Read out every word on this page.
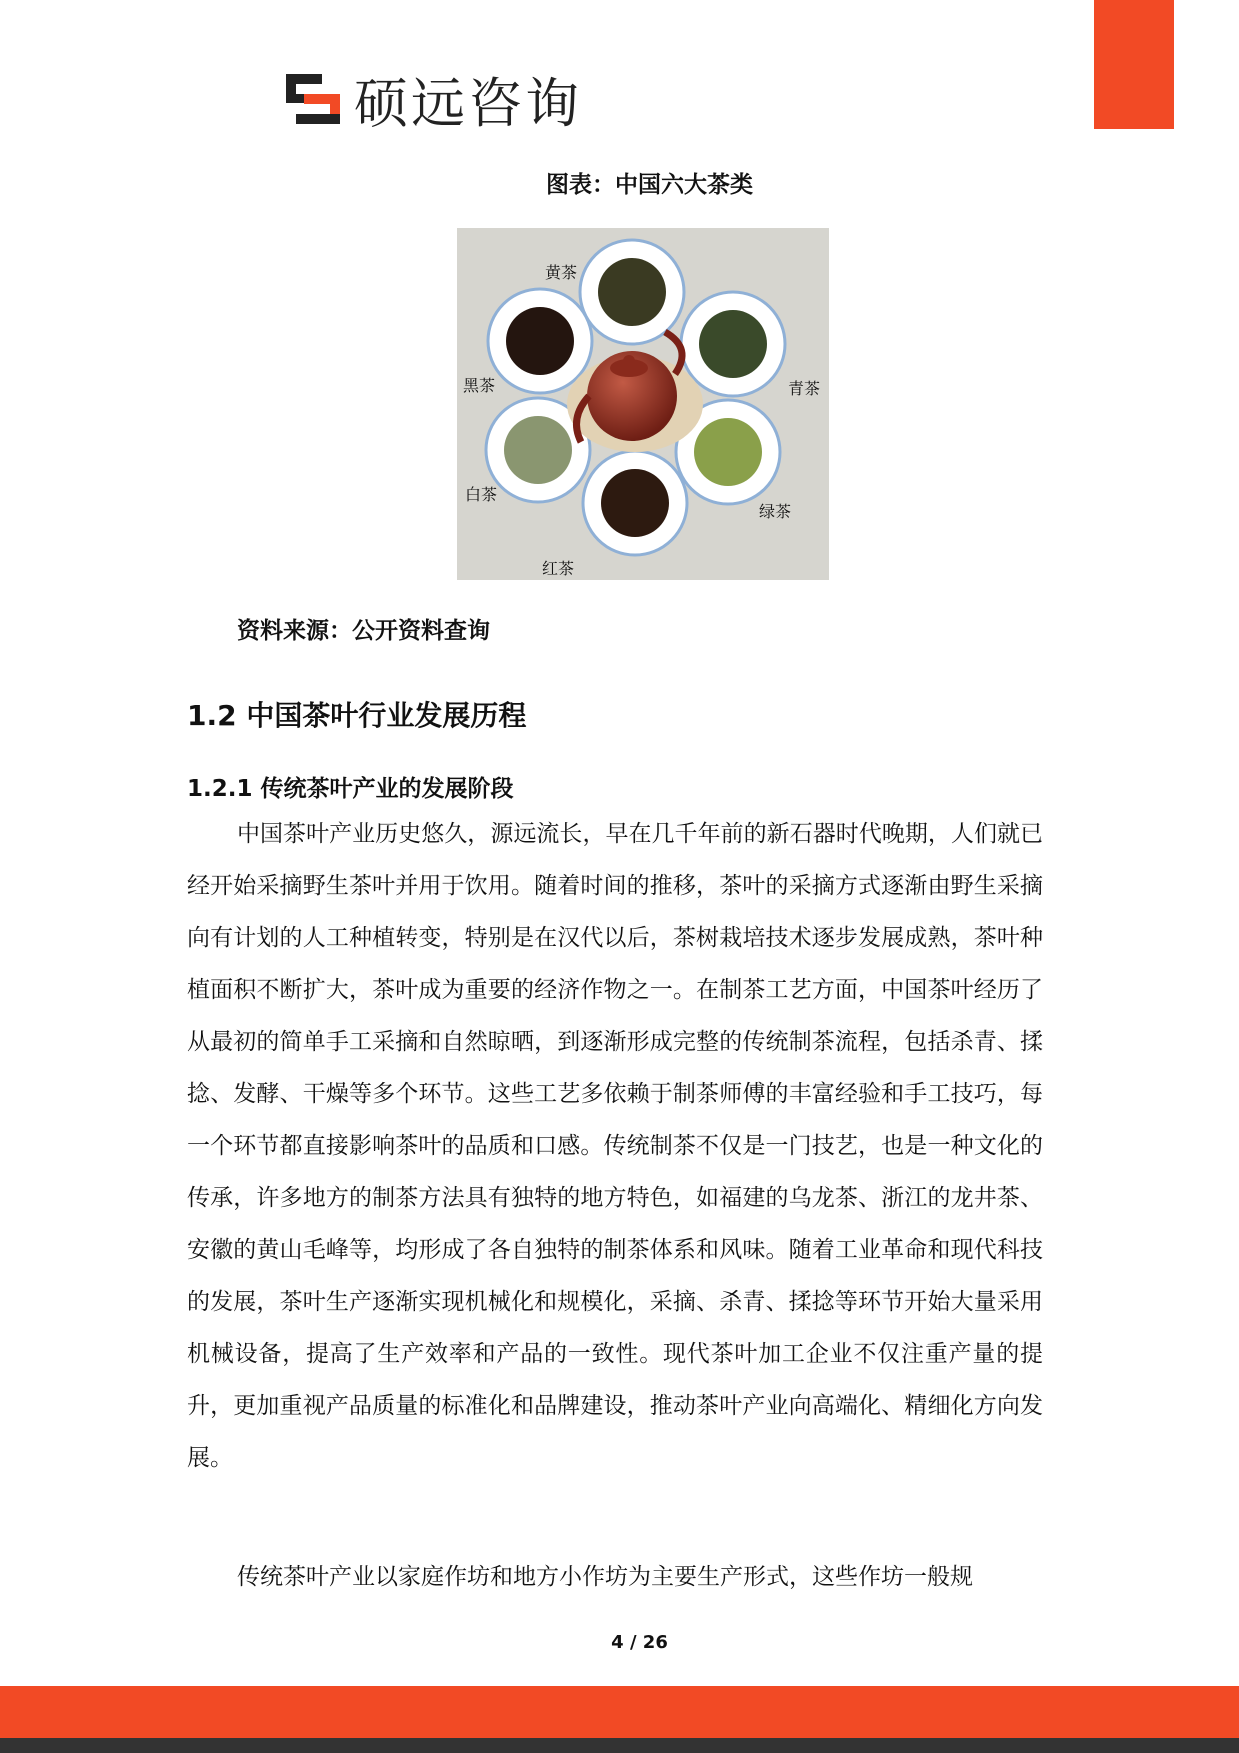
硕远咨询
图表：中国六大茶类
黄茶
黑茶	青茶
白茶
绿茶
红茶
资料来源：公开资料查询
1.2 中国茶叶行业发展历程
1.2.1 传统茶叶产业的发展阶段

中国茶叶产业历史悠久，源远流长，早在几千年前的新石器时代晚期，人们就已经开始采摘野生茶叶并用于饮用。随着时间的推移，茶叶的采摘方式逐渐由野生采摘向有计划的人工种植转变，特别是在汉代以后，茶树栽培技术逐步发展成熟，茶叶种植面积不断扩大，茶叶成为重要的经济作物之一。在制茶工艺方面，中国茶叶经历了从最初的简单手工采摘和自然晾晒，到逐渐形成完整的传统制茶流程，包括杀青、揉捻、发酵、干燥等多个环节。这些工艺多依赖于制茶师傅的丰富经验和手工技巧，每一个环节都直接影响茶叶的品质和口感。传统制茶不仅是一门技艺，也是一种文化的传承，许多地方的制茶方法具有独特的地方特色，如福建的乌龙茶、浙江的龙井茶、安徽的黄山毛峰等，均形成了各自独特的制茶体系和风味。随着工业革命和现代科技的发展，茶叶生产逐渐实现机械化和规模化，采摘、杀青、揉捻等环节开始大量采用机械设备，提高了生产效率和产品的一致性。现代茶叶加工企业不仅注重产量的提升，更加重视产品质量的标准化和品牌建设，推动茶叶产业向高端化、精细化方向发展。

传统茶叶产业以家庭作坊和地方小作坊为主要生产形式，这些作坊一般规

4 / 26
